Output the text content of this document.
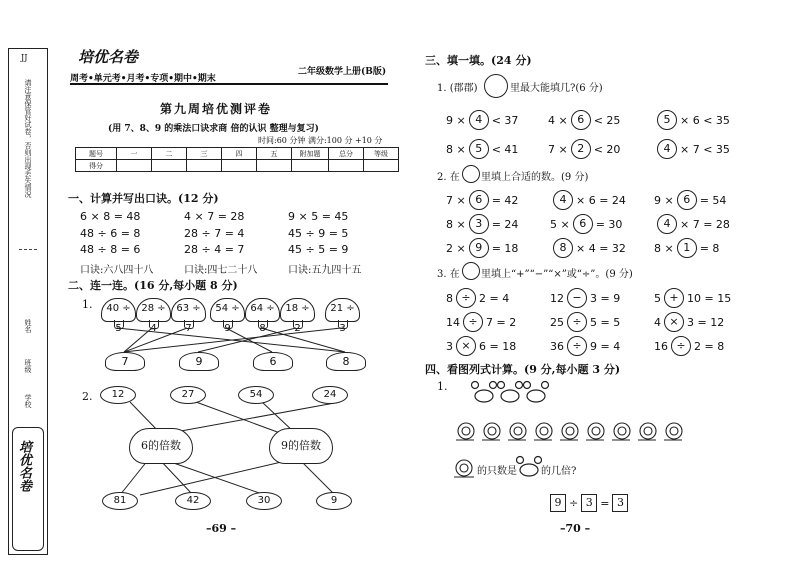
JJ
请注意保管好试卷，否则出现丢失情况
姓名
班级
学校
培优名卷
培优名卷
周考•单元考•月考•专项•期中•期末
二年级数学上册(B版)
第九周培优测评卷
(用 7、8、9 的乘法口诀求商 倍的认识 整理与复习)
时间:60 分钟 满分:100 分 +10 分
题号	一	二	三	四	五	附加题	总分	等级
得分								
一、计算并写出口诀。(12 分)
6 × 8 = 48	4 × 7 = 28	9 × 5 = 45
48 ÷ 6 = 8	28 ÷ 7 = 4	45 ÷ 9 = 5
48 ÷ 8 = 6	28 ÷ 4 = 7	45 ÷ 5 = 9
口诀:六八四十八	口诀:四七二十八	口诀:五九四十五
二、连一连。(16 分,每小题 8 分)
1.
2.
40 ÷ 5
28 ÷ 4
63 ÷ 7
54 ÷ 9
64 ÷ 8
18 ÷ 2
21 ÷ 3
7	9	6	8
12	27	54	24
6的倍数	9的倍数
81	42	30	9
–69 –
三、填一填。(24 分)
1. (郡郡)	里最大能填几?(6 分)
9 × 4 < 37	4 × 6 < 25	5 × 6 < 35
8 × 5 < 41	7 × 2 < 20	4 × 7 < 35
2. 在 里填上合适的数。(9 分)
7 × 6 = 42	4 × 6 = 24	9 × 6 = 54
8 × 3 = 24	5 × 6 = 30	4 × 7 = 28
2 × 9 = 18	8 × 4 = 32	8 × 1 = 8
3. 在 里填上“+”“−”“×”或“÷”。(9 分)
8 ÷ 2 = 4	12 − 3 = 9	5 + 10 = 15
14 ÷ 7 = 2	25 ÷ 5 = 5	4 × 3 = 12
3 × 6 = 18	36 ÷ 9 = 4	16 ÷ 2 = 8
四、看图列式计算。(9 分,每小题 3 分)
1.
的只数是 的几倍?
9 ÷ 3 = 3
–70 –
